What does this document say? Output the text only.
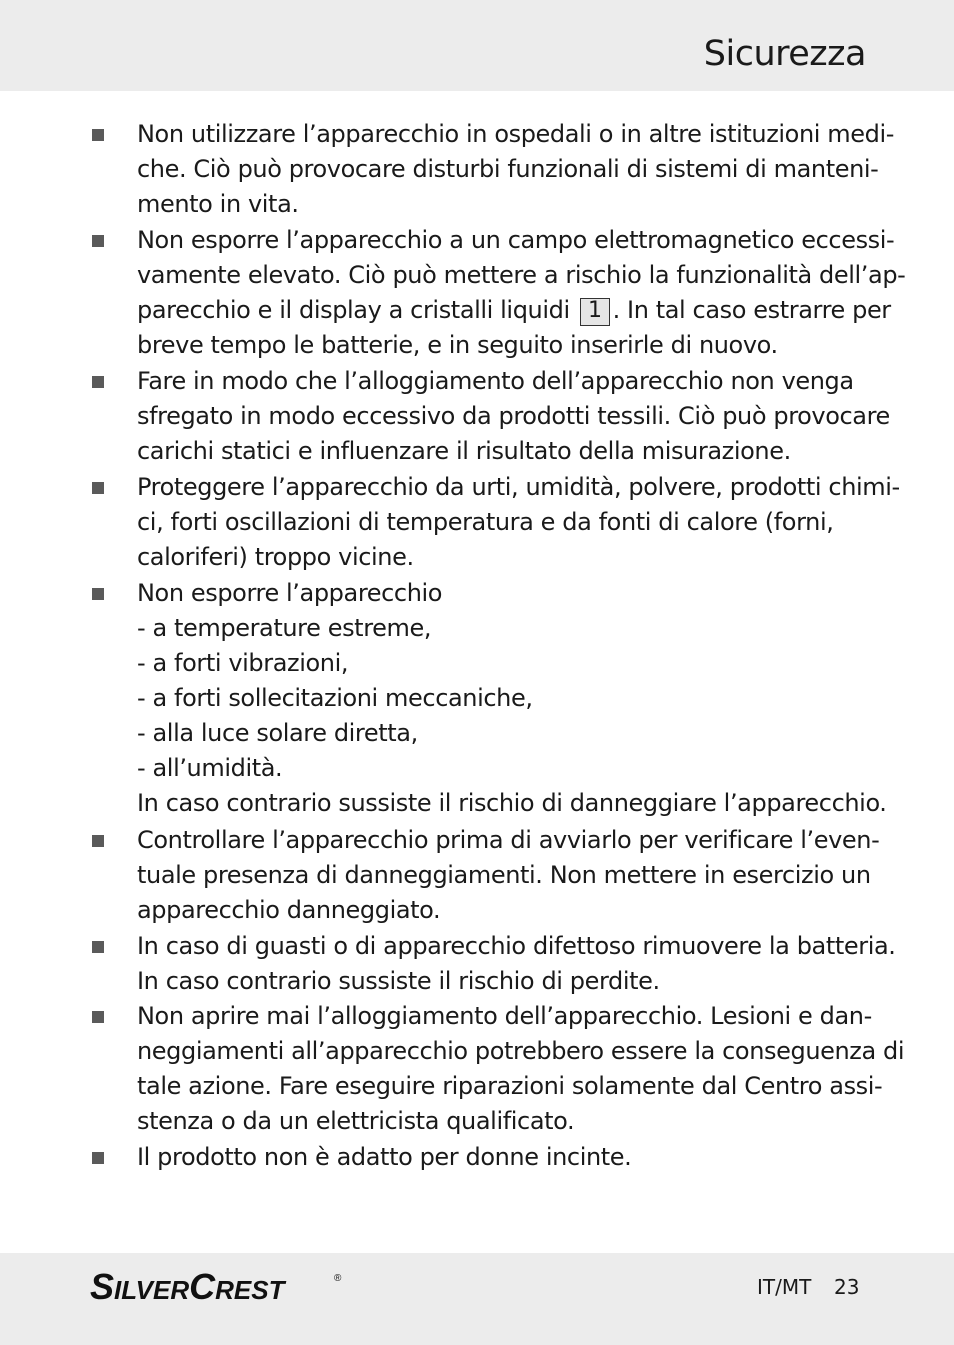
Sicurezza
Non utilizzare l’apparecchio in ospedali o in altre istituzioni medi-
che. Ciò può provocare disturbi funzionali di sistemi di manteni-
mento in vita.
Non esporre l’apparecchio a un campo elettromagnetico eccessi-
vamente elevato. Ciò può mettere a rischio la funzionalità dell’ap-
parecchio e il display a cristalli liquidi 1 . In tal caso estrarre per
breve tempo le batterie, e in seguito inserirle di nuovo.
Fare in modo che l’alloggiamento dell’apparecchio non venga
sfregato in modo eccessivo da prodotti tessili. Ciò può provocare
carichi statici e influenzare il risultato della misurazione.
Proteggere l’apparecchio da urti, umidità, polvere, prodotti chimi-
ci, forti oscillazioni di temperatura e da fonti di calore (forni,
caloriferi) troppo vicine.
Non esporre l’apparecchio
- a temperature estreme,
- a forti vibrazioni,
- a forti sollecitazioni meccaniche,
- alla luce solare diretta,
- all’umidità.
In caso contrario sussiste il rischio di danneggiare l’apparecchio.
Controllare l’apparecchio prima di avviarlo per verificare l’even-
tuale presenza di danneggiamenti. Non mettere in esercizio un
apparecchio danneggiato.
In caso di guasti o di apparecchio difettoso rimuovere la batteria.
In caso contrario sussiste il rischio di perdite.
Non aprire mai l’alloggiamento dell’apparecchio. Lesioni e dan-
neggiamenti all’apparecchio potrebbero essere la conseguenza di
tale azione. Fare eseguire riparazioni solamente dal Centro assi-
stenza o da un elettricista qualificato.
Il prodotto non è adatto per donne incinte.
SILVERCREST	®	IT/MT 23
